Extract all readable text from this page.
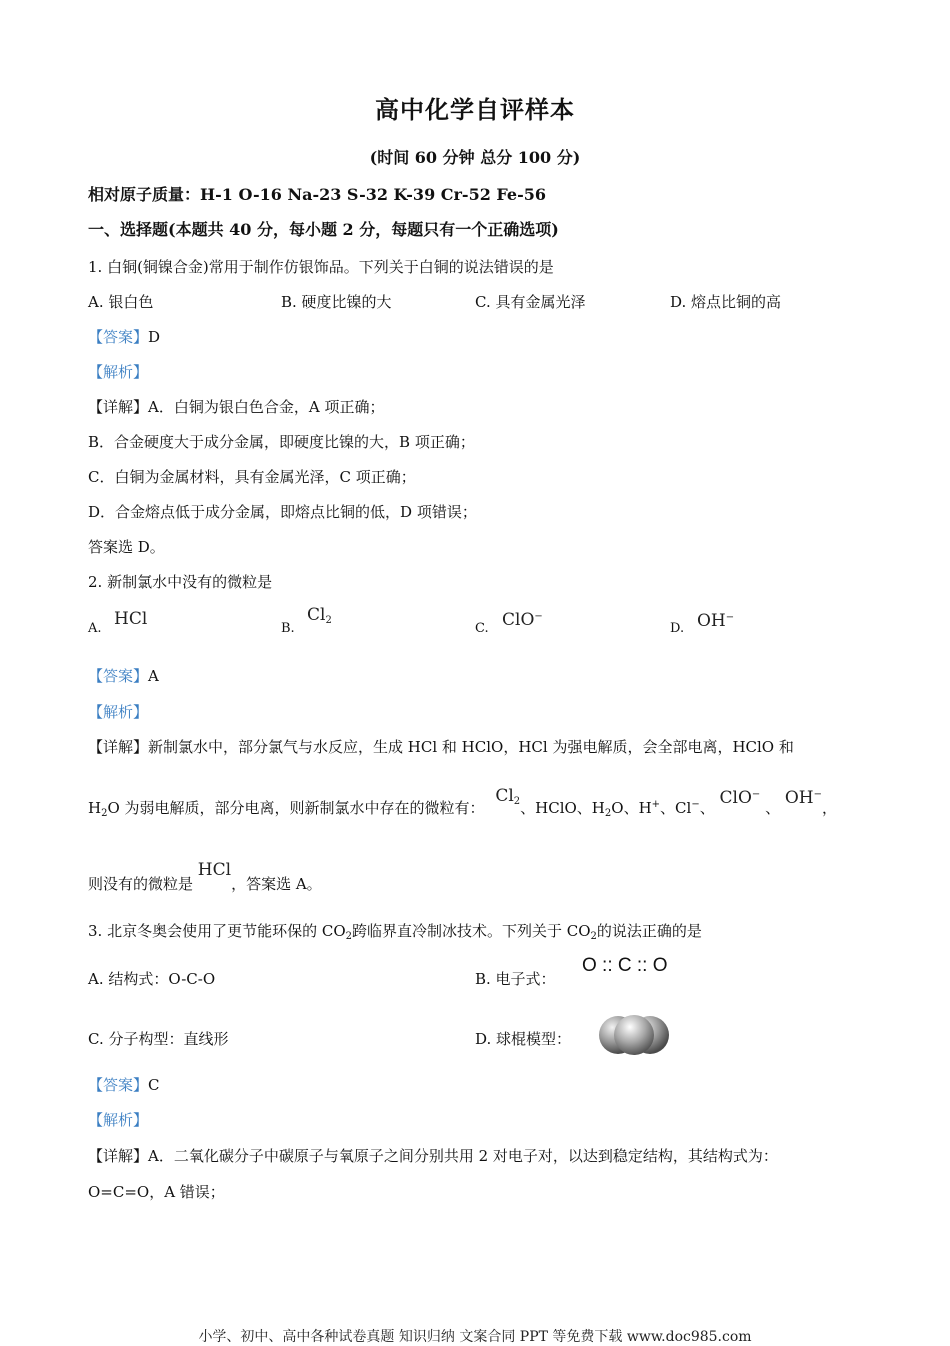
高中化学自评样本
(时间 60 分钟 总分 100 分)
相对原子质量：H-1 O-16 Na-23 S-32 K-39 Cr-52 Fe-56
一、选择题(本题共 40 分，每小题 2 分，每题只有一个正确选项)
1. 白铜(铜镍合金)常用于制作仿银饰品。下列关于白铜的说法错误的是
A. 银白色	B. 硬度比镍的大	C. 具有金属光泽	D. 熔点比铜的高
【答案】D
【解析】
【详解】A．白铜为银白色合金，A 项正确；
B．合金硬度大于成分金属，即硬度比镍的大，B 项正确；
C．白铜为金属材料，具有金属光泽，C 项正确；
D．合金熔点低于成分金属，即熔点比铜的低，D 项错误；
答案选 D。
2. 新制氯水中没有的微粒是
A. HCl	B.
$Cl_2$
C. ClO−
D. OH−
【答案】A
【解析】
【详解】新制氯水中，部分氯气与水反应，生成 HCl 和 HClO，HCl 为强电解质，会全部电离，HClO 和
$H_2O$ 为弱电解质，部分电离，则新制氯水中存在的微粒有： $Cl_2$、HClO、$H_2O$、H+、Cl−、 ClO− 、 OH−，
则没有的微粒是 HCl，答案选 A。
3. 北京冬奥会使用了更节能环保的 $CO_2$跨临界直冷制冰技术。下列关于 $CO_2$的说法正确的是
A. 结构式：O-C-O	B. 电子式：
O :: C :: O
C. 分子构型：直线形	D. 球棍模型：
【答案】C
【解析】
【详解】A．二氧化碳分子中碳原子与氧原子之间分别共用 2 对电子对，以达到稳定结构，其结构式为：
O=C=O，A 错误；
小学、初中、高中各种试卷真题 知识归纳 文案合同 PPT 等免费下载 www.doc985.com
